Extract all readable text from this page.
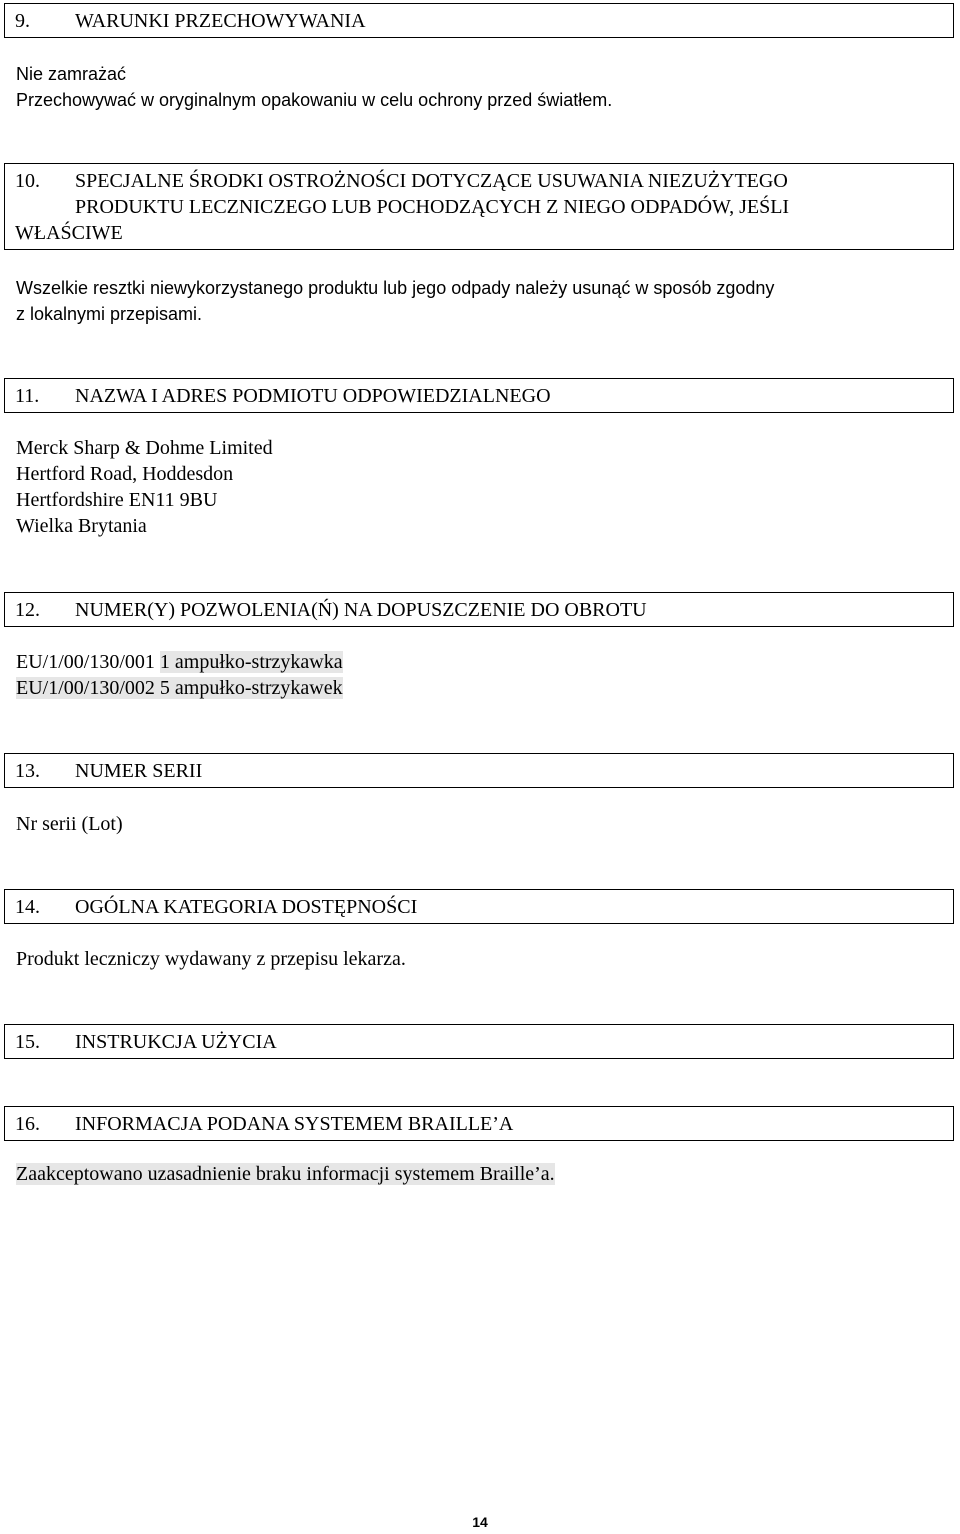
9. WARUNKI PRZECHOWYWANIA
Nie zamrażać
Przechowywać w oryginalnym opakowaniu w celu ochrony przed światłem.
10. SPECJALNE ŚRODKI OSTROŻNOŚCI DOTYCZĄCE USUWANIA NIEZUŻYTEGO
PRODUKTU LECZNICZEGO LUB POCHODZĄCYCH Z NIEGO ODPADÓW, JEŚLI
WŁAŚCIWE
Wszelkie resztki niewykorzystanego produktu lub jego odpady należy usunąć w sposób zgodny
z lokalnymi przepisami.
11. NAZWA I ADRES PODMIOTU ODPOWIEDZIALNEGO
Merck Sharp & Dohme Limited
Hertford Road, Hoddesdon
Hertfordshire EN11 9BU
Wielka Brytania
12. NUMER(Y) POZWOLENIA(Ń) NA DOPUSZCZENIE DO OBROTU
EU/1/00/130/001 1 ampułko-strzykawka
EU/1/00/130/002 5 ampułko-strzykawek
13. NUMER SERII
Nr serii (Lot)
14. OGÓLNA KATEGORIA DOSTĘPNOŚCI
Produkt leczniczy wydawany z przepisu lekarza.
15. INSTRUKCJA UŻYCIA
16. INFORMACJA PODANA SYSTEMEM BRAILLE’A
Zaakceptowano uzasadnienie braku informacji systemem Braille’a.
14
